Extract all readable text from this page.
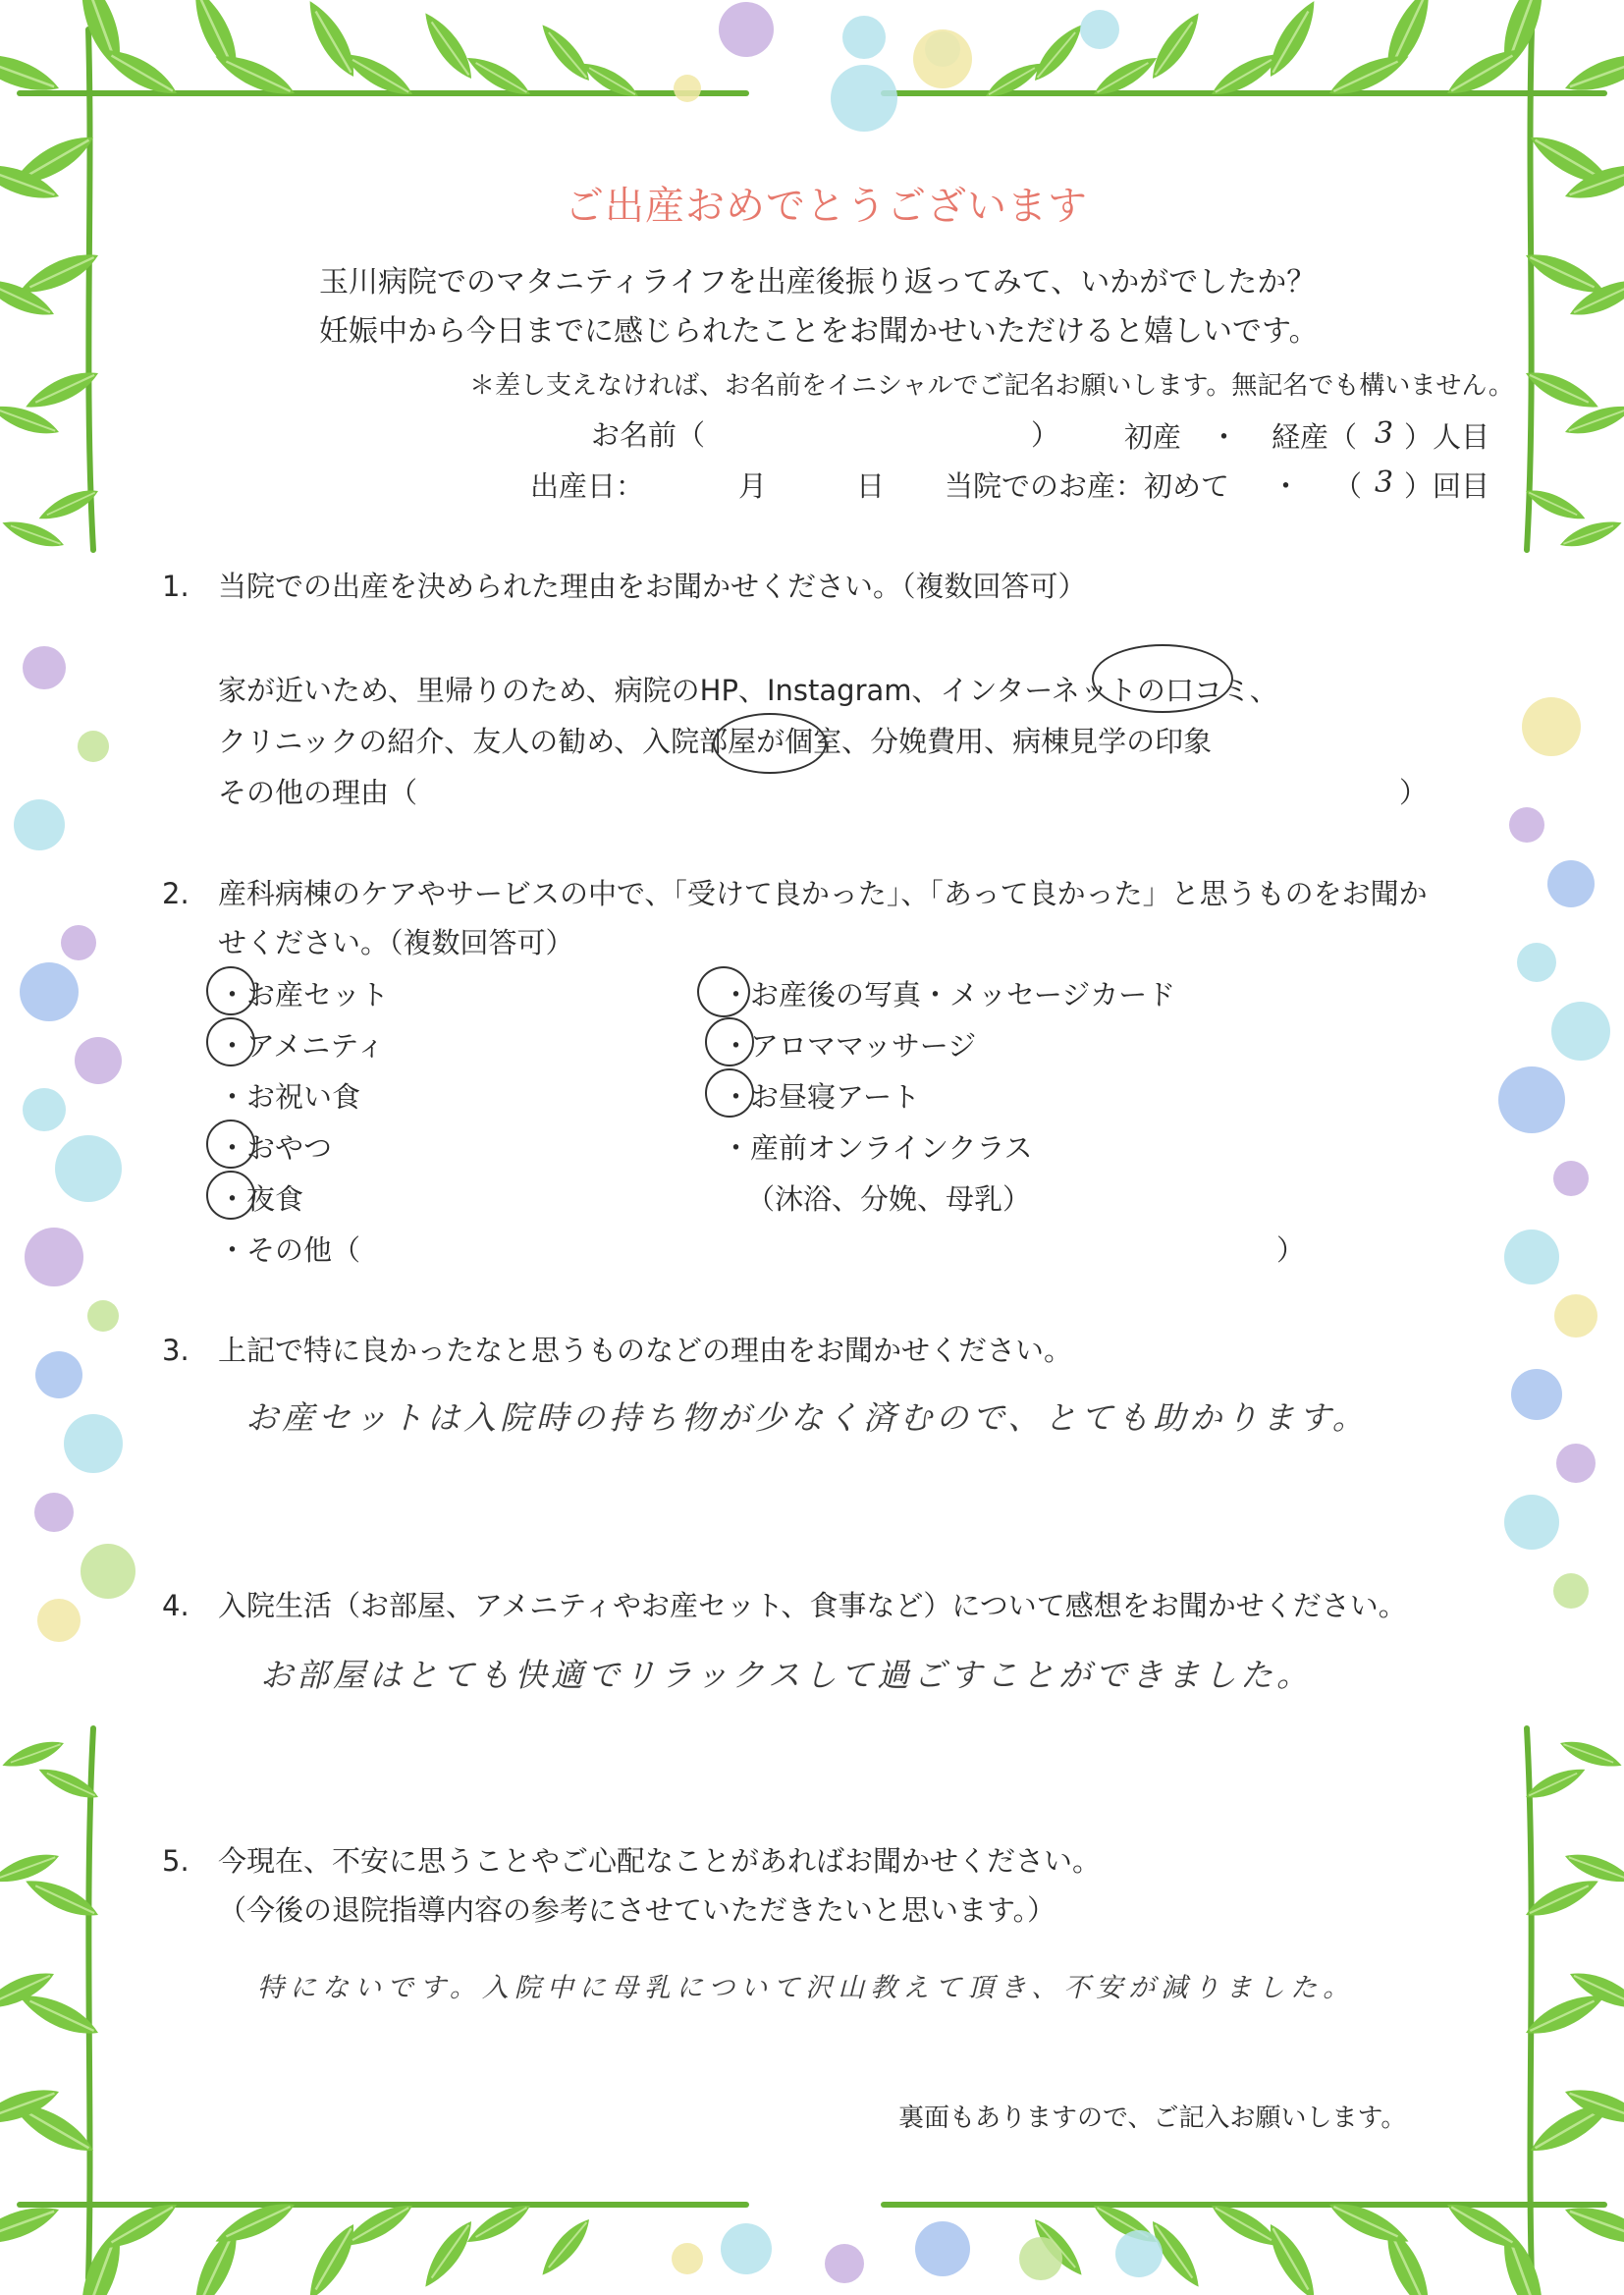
ご出産おめでとうございます
玉川病院でのマタニティライフを出産後振り返ってみて、いかがでしたか？
妊娠中から今日までに感じられたことをお聞かせいただけると嬉しいです。
＊差し支えなければ、お名前をイニシャルでご記名お願いします。無記名でも構いません。
お名前（	） 初産 ・ 経産（ 3 ）人目
出産日：	月	日 当院でのお産：初めて ・ （ 3 ）回目
1. 当院での出産を決められた理由をお聞かせください。（複数回答可）
家が近いため、里帰りのため、病院のHP、Instagram、インターネットの口コミ、
クリニックの紹介、友人の勧め、入院部屋が個室、分娩費用、病棟見学の印象
その他の理由（	）
2. 産科病棟のケアやサービスの中で、「受けて良かった」、「あって良かった」と思うものをお聞か
せください。（複数回答可）
・お産セット
・アメニティ
・お祝い食
・おやつ
・夜食
・その他（	）
・お産後の写真・メッセージカード
・アロママッサージ
・お昼寝アート
・産前オンラインクラス
（沐浴、分娩、母乳）
3. 上記で特に良かったなと思うものなどの理由をお聞かせください。
お産セットは入院時の持ち物が少なく済むので、とても助かります。
4. 入院生活（お部屋、アメニティやお産セット、食事など）について感想をお聞かせください。
お部屋はとても快適でリラックスして過ごすことができました。
5. 今現在、不安に思うことやご心配なことがあればお聞かせください。
（今後の退院指導内容の参考にさせていただきたいと思います。）
特にないです。入院中に母乳について沢山教えて頂き、不安が減りました。
裏面もありますので、ご記入お願いします。
